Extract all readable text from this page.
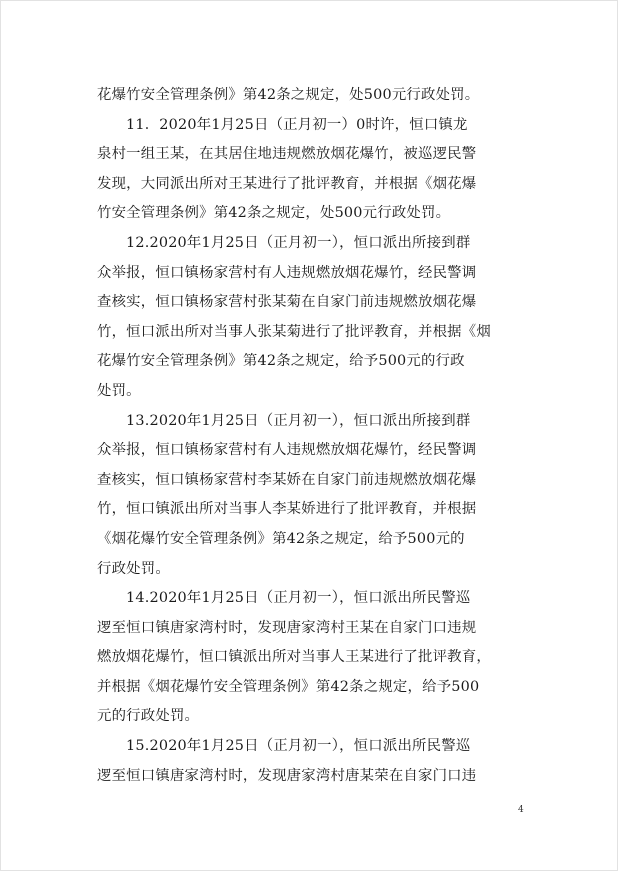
花爆竹安全管理条例》第42条之规定，处500元行政处罚。
11．2020年1月25日（正月初一）0时许，恒口镇龙
泉村一组王某，在其居住地违规燃放烟花爆竹，被巡逻民警
发现，大同派出所对王某进行了批评教育，并根据《烟花爆
竹安全管理条例》第42条之规定，处500元行政处罚。
12.2020年1月25日（正月初一），恒口派出所接到群
众举报，恒口镇杨家营村有人违规燃放烟花爆竹，经民警调
查核实，恒口镇杨家营村张某菊在自家门前违规燃放烟花爆
竹，恒口派出所对当事人张某菊进行了批评教育，并根据《烟
花爆竹安全管理条例》第42条之规定，给予500元的行政
处罚。
13.2020年1月25日（正月初一），恒口派出所接到群
众举报，恒口镇杨家营村有人违规燃放烟花爆竹，经民警调
查核实，恒口镇杨家营村李某娇在自家门前违规燃放烟花爆
竹，恒口镇派出所对当事人李某娇进行了批评教育，并根据
《烟花爆竹安全管理条例》第42条之规定，给予500元的
行政处罚。
14.2020年1月25日（正月初一），恒口派出所民警巡
逻至恒口镇唐家湾村时，发现唐家湾村王某在自家门口违规
燃放烟花爆竹，恒口镇派出所对当事人王某进行了批评教育，
并根据《烟花爆竹安全管理条例》第42条之规定，给予500
元的行政处罚。
15.2020年1月25日（正月初一），恒口派出所民警巡
逻至恒口镇唐家湾村时，发现唐家湾村唐某荣在自家门口违
4
